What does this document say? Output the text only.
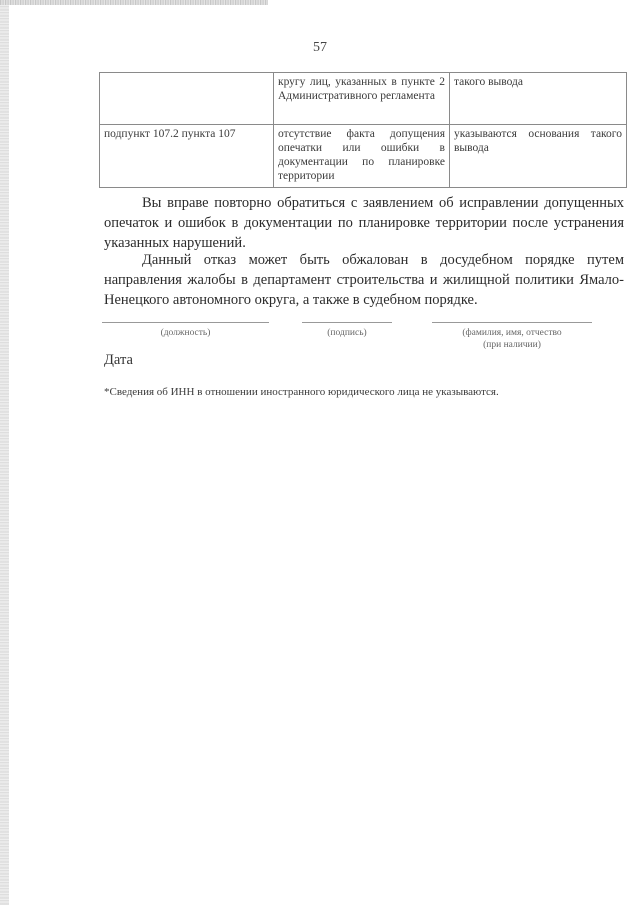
57
	кругу лиц, указанных в пункте 2 Административного регламента	такого вывода
подпункт 107.2 пункта 107	отсутствие факта допущения опечатки или ошибки в документации по планировке территории	указываются основания такого вывода

Вы вправе повторно обратиться с заявлением об исправлении допущенных опечаток и ошибок в документации по планировке территории после устранения указанных нарушений.

Данный отказ может быть обжалован в досудебном порядке путем направления жалобы в департамент строительства и жилищной политики Ямало-Ненецкого автономного округа, а также в судебном порядке.

(должность)	(подпись)	(фамилия, имя, отчество
(при наличии)
Дата
*Сведения об ИНН в отношении иностранного юридического лица не указываются.
